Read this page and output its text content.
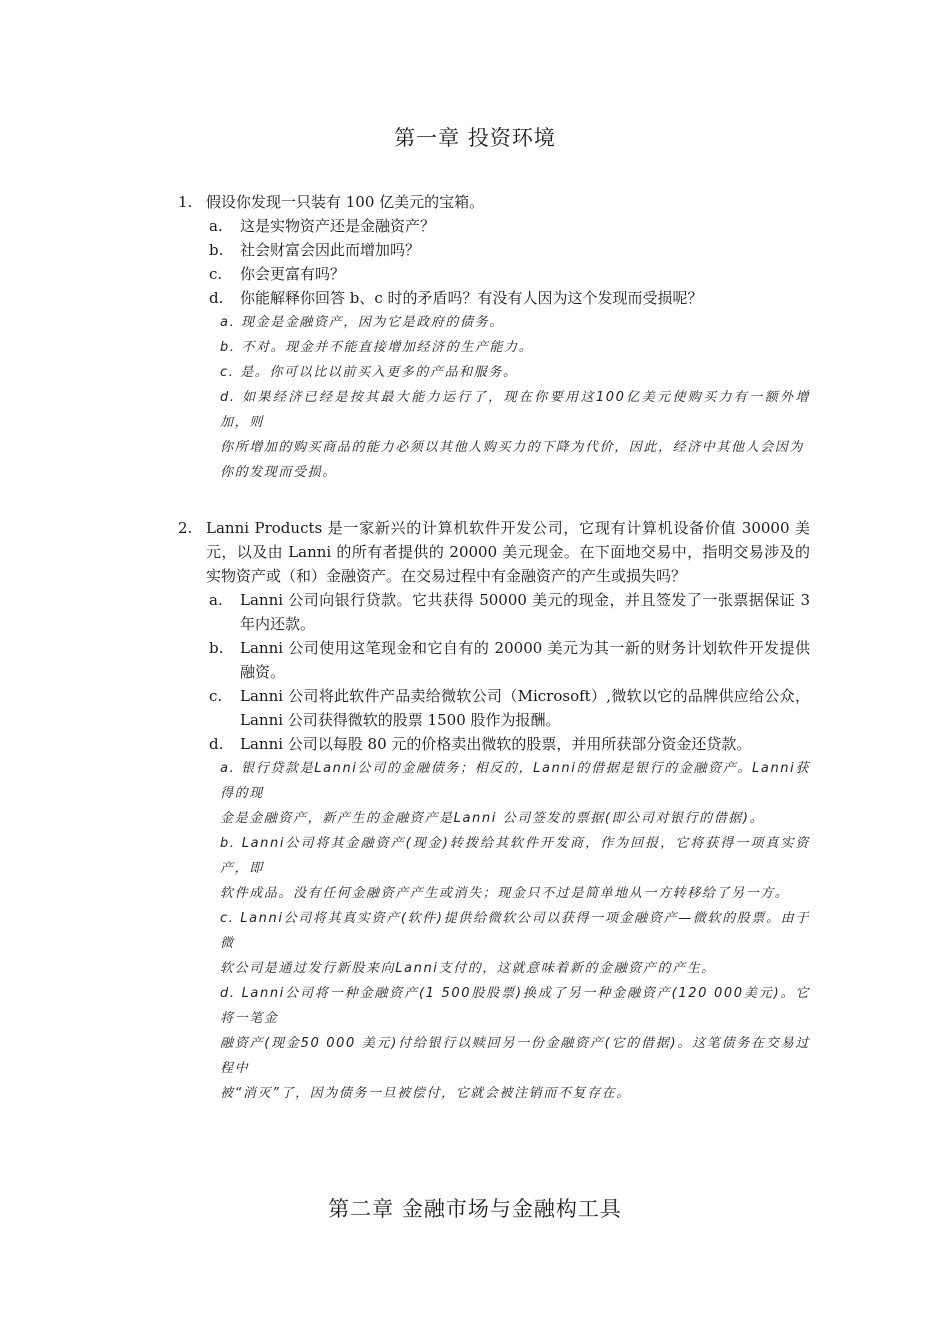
第一章 投资环境
1. 假设你发现一只装有 100 亿美元的宝箱。
a. 这是实物资产还是金融资产？
b. 社会财富会因此而增加吗？
c. 你会更富有吗？
d. 你能解释你回答 b、c 时的矛盾吗？有没有人因为这个发现而受损呢？

a. 现金是金融资产，因为它是政府的债务。

b. 不对。现金并不能直接增加经济的生产能力。

c. 是。你可以比以前买入更多的产品和服务。

d. 如果经济已经是按其最大能力运行了，现在你要用这100亿美元使购买力有一额外增加，则

你所增加的购买商品的能力必须以其他人购买力的下降为代价，因此，经济中其他人会因为

你的发现而受损。

2. Lanni Products 是一家新兴的计算机软件开发公司，它现有计算机设备价值 30000 美元，以及由 Lanni 的所有者提供的 20000 美元现金。在下面地交易中，指明交易涉及的实物资产或（和）金融资产。在交易过程中有金融资产的产生或损失吗？
a. Lanni 公司向银行贷款。它共获得 50000 美元的现金，并且签发了一张票据保证 3 年内还款。
b. Lanni 公司使用这笔现金和它自有的 20000 美元为其一新的财务计划软件开发提供融资。
c. Lanni 公司将此软件产品卖给微软公司（Microsoft）,微软以它的品牌供应给公众，Lanni 公司获得微软的股票 1500 股作为报酬。
d. Lanni 公司以每股 80 元的价格卖出微软的股票，并用所获部分资金还贷款。

a. 银行贷款是Lanni公司的金融债务；相反的，Lanni的借据是银行的金融资产。Lanni获得的现

金是金融资产，新产生的金融资产是Lanni 公司签发的票据(即公司对银行的借据)。

b. Lanni公司将其金融资产(现金)转拨给其软件开发商，作为回报，它将获得一项真实资产，即

软件成品。没有任何金融资产产生或消失；现金只不过是简单地从一方转移给了另一方。

c. Lanni公司将其真实资产(软件)提供给微软公司以获得一项金融资产—微软的股票。由于微

软公司是通过发行新股来向Lanni支付的，这就意味着新的金融资产的产生。

d. Lanni公司将一种金融资产(1 500股股票)换成了另一种金融资产(120 000美元)。它将一笔金

融资产(现金50 000 美元)付给银行以赎回另一份金融资产(它的借据)。这笔债务在交易过程中

被“消灭”了，因为债务一旦被偿付，它就会被注销而不复存在。

第二章 金融市场与金融构工具
